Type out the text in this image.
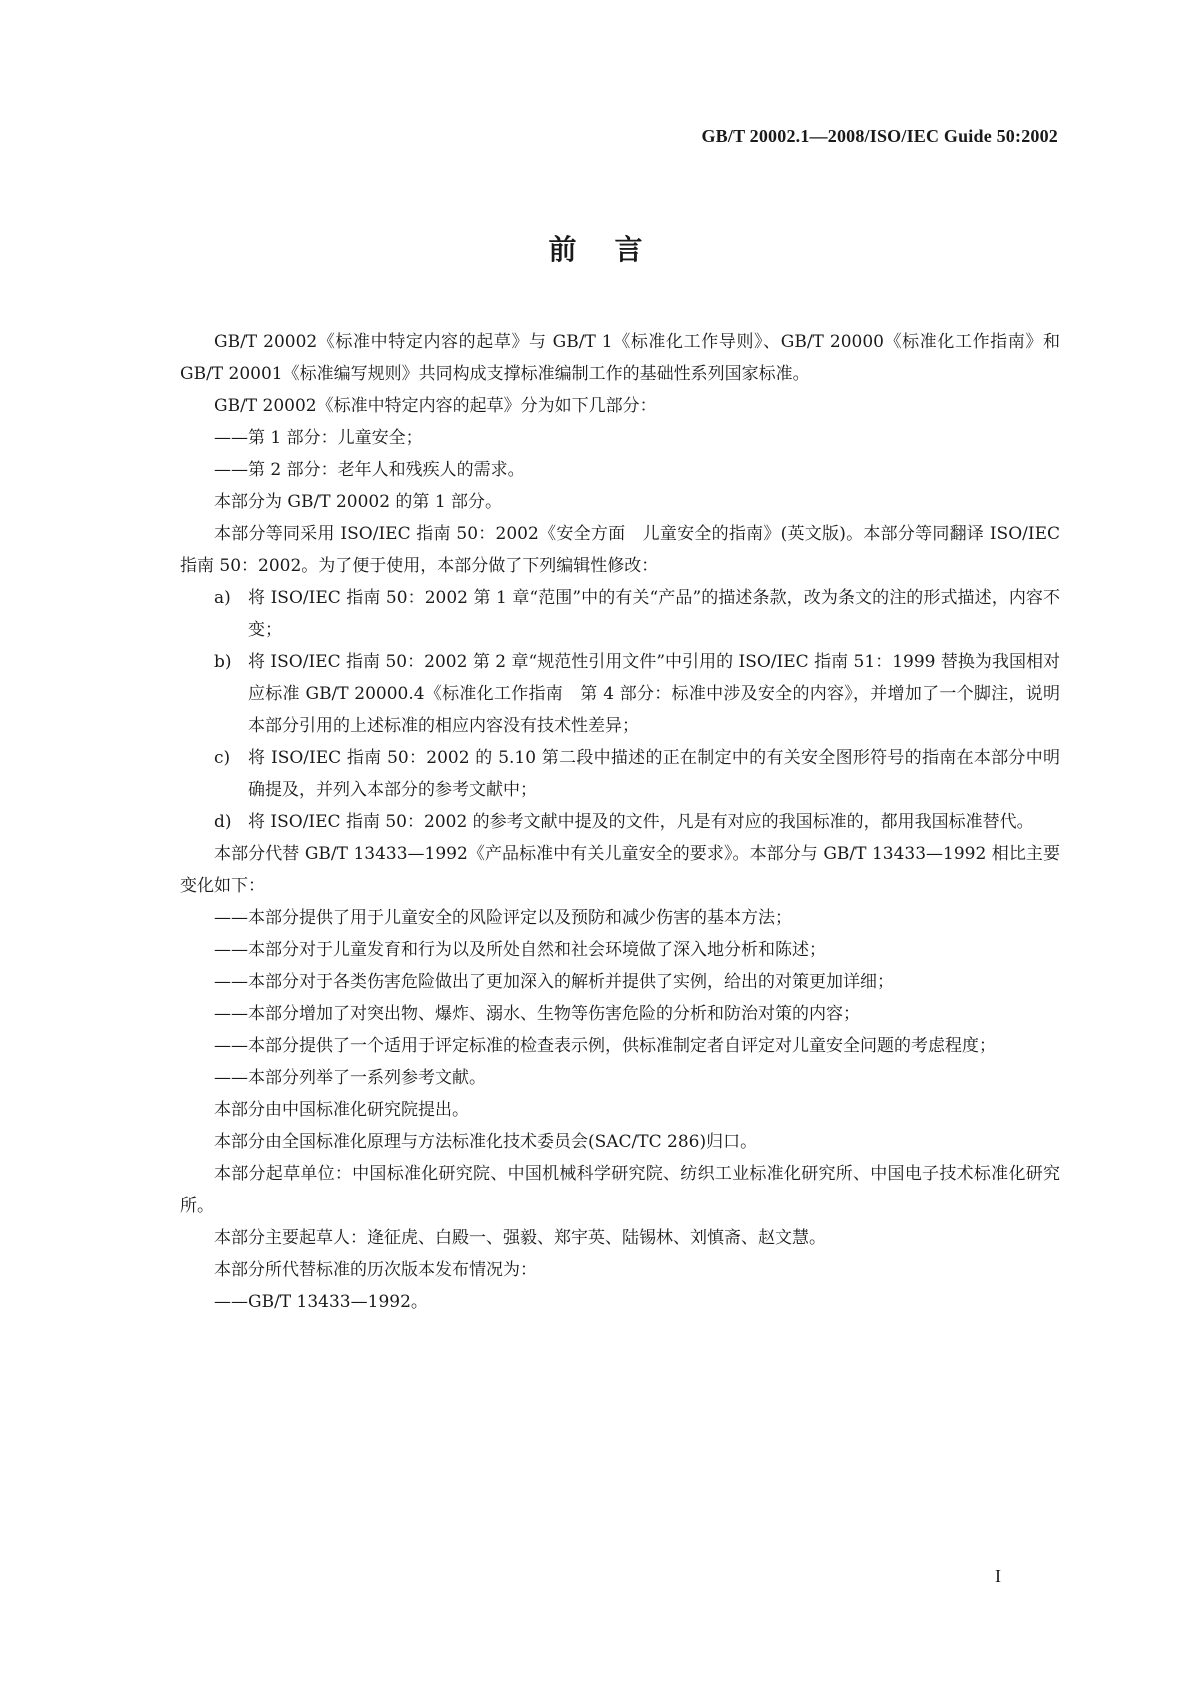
GB/T 20002.1—2008/ISO/IEC Guide 50:2002
前言

GB/T 20002《标准中特定内容的起草》与 GB/T 1《标准化工作导则》、GB/T 20000《标准化工作指南》和 GB/T 20001《标准编写规则》共同构成支撑标准编制工作的基础性系列国家标准。

GB/T 20002《标准中特定内容的起草》分为如下几部分：

——第 1 部分：儿童安全；

——第 2 部分：老年人和残疾人的需求。

本部分为 GB/T 20002 的第 1 部分。

本部分等同采用 ISO/IEC 指南 50：2002《安全方面　儿童安全的指南》(英文版)。本部分等同翻译 ISO/IEC 指南 50：2002。为了便于使用，本部分做了下列编辑性修改：

a) 将 ISO/IEC 指南 50：2002 第 1 章“范围”中的有关“产品”的描述条款，改为条文的注的形式描述，内容不变；
b) 将 ISO/IEC 指南 50：2002 第 2 章“规范性引用文件”中引用的 ISO/IEC 指南 51：1999 替换为我国相对应标准 GB/T 20000.4《标准化工作指南　第 4 部分：标准中涉及安全的内容》，并增加了一个脚注，说明本部分引用的上述标准的相应内容没有技术性差异；
c) 将 ISO/IEC 指南 50：2002 的 5.10 第二段中描述的正在制定中的有关安全图形符号的指南在本部分中明确提及，并列入本部分的参考文献中；
d) 将 ISO/IEC 指南 50：2002 的参考文献中提及的文件，凡是有对应的我国标准的，都用我国标准替代。

本部分代替 GB/T 13433—1992《产品标准中有关儿童安全的要求》。本部分与 GB/T 13433—1992 相比主要变化如下：

——本部分提供了用于儿童安全的风险评定以及预防和减少伤害的基本方法；

——本部分对于儿童发育和行为以及所处自然和社会环境做了深入地分析和陈述；

——本部分对于各类伤害危险做出了更加深入的解析并提供了实例，给出的对策更加详细；

——本部分增加了对突出物、爆炸、溺水、生物等伤害危险的分析和防治对策的内容；

——本部分提供了一个适用于评定标准的检查表示例，供标准制定者自评定对儿童安全问题的考虑程度；

——本部分列举了一系列参考文献。

本部分由中国标准化研究院提出。

本部分由全国标准化原理与方法标准化技术委员会(SAC/TC 286)归口。

本部分起草单位：中国标准化研究院、中国机械科学研究院、纺织工业标准化研究所、中国电子技术标准化研究所。

本部分主要起草人：逄征虎、白殿一、强毅、郑宇英、陆锡林、刘慎斋、赵文慧。

本部分所代替标准的历次版本发布情况为：

——GB/T 13433—1992。

I
